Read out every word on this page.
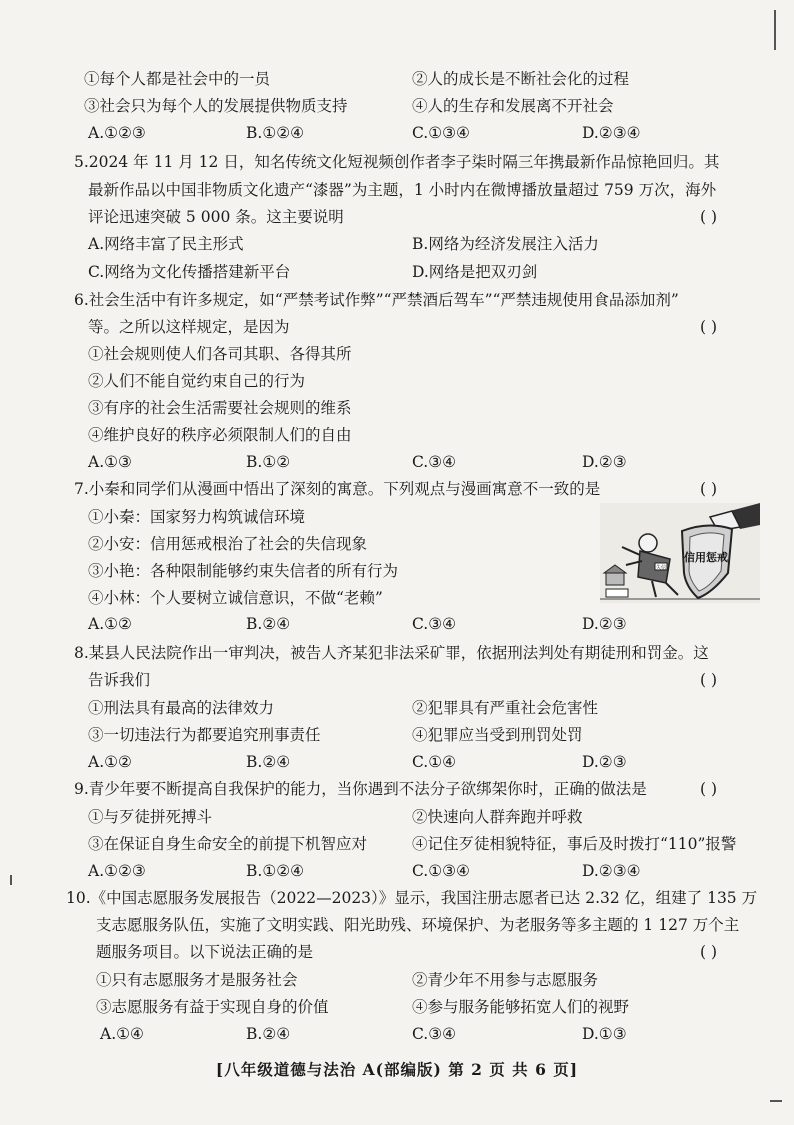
①每个人都是社会中的一员	②人的成长是不断社会化的过程
③社会只为每个人的发展提供物质支持	④人的生存和发展离不开社会
A.①②③	B.①②④	C.①③④	D.②③④
5.2024 年 11 月 12 日，知名传统文化短视频创作者李子柒时隔三年携最新作品惊艳回归。其
最新作品以中国非物质文化遗产“漆器”为主题，1 小时内在微博播放量超过 759 万次，海外
评论迅速突破 5 000 条。这主要说明	( )
A.网络丰富了民主形式	B.网络为经济发展注入活力
C.网络为文化传播搭建新平台	D.网络是把双刃剑
6.社会生活中有许多规定，如“严禁考试作弊”“严禁酒后驾车”“严禁违规使用食品添加剂”
等。之所以这样规定，是因为	( )
①社会规则使人们各司其职、各得其所
②人们不能自觉约束自己的行为
③有序的社会生活需要社会规则的维系
④维护良好的秩序必须限制人们的自由
A.①③	B.①②	C.③④	D.②③
7.小秦和同学们从漫画中悟出了深刻的寓意。下列观点与漫画寓意不一致的是	( )
①小秦：国家努力构筑诚信环境
②小安：信用惩戒根治了社会的失信现象
③小艳：各种限制能够约束失信者的所有行为
④小林：个人要树立诚信意识，不做“老赖”
A.①②	B.②④	C.③④	D.②③
信用惩戒
失信
8.某县人民法院作出一审判决，被告人齐某犯非法采矿罪，依据刑法判处有期徒刑和罚金。这
告诉我们	( )
①刑法具有最高的法律效力	②犯罪具有严重社会危害性
③一切违法行为都要追究刑事责任	④犯罪应当受到刑罚处罚
A.①②	B.②④	C.①④	D.②③
9.青少年要不断提高自我保护的能力，当你遇到不法分子欲绑架你时，正确的做法是	( )
①与歹徒拼死搏斗	②快速向人群奔跑并呼救
③在保证自身生命安全的前提下机智应对	④记住歹徒相貌特征，事后及时拨打“110”报警
A.①②③	B.①②④	C.①③④	D.②③④
10.《中国志愿服务发展报告（2022—2023）》显示，我国注册志愿者已达 2.32 亿，组建了 135 万
支志愿服务队伍，实施了文明实践、阳光助残、环境保护、为老服务等多主题的 1 127 万个主
题服务项目。以下说法正确的是	( )
①只有志愿服务才是服务社会	②青少年不用参与志愿服务
③志愿服务有益于实现自身的价值	④参与服务能够拓宽人们的视野
A.①④	B.②④	C.③④	D.①③
[八年级道德与法治 A(部编版) 第 2 页 共 6 页]
